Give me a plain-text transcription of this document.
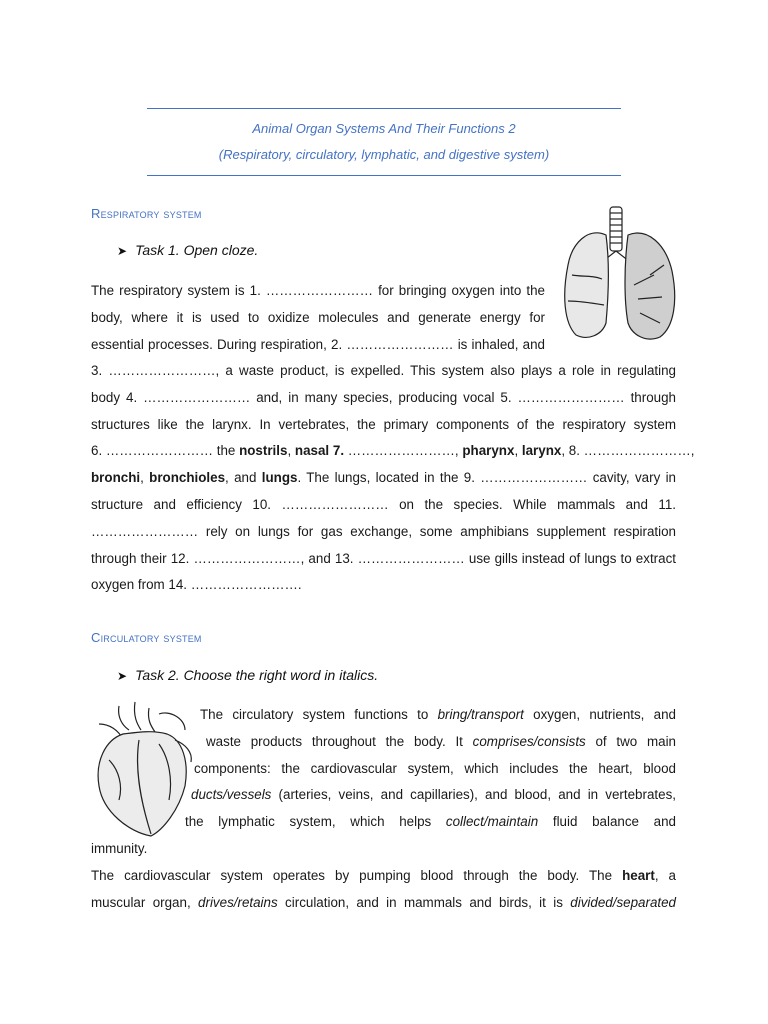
Animal Organ Systems And Their Functions 2
(Respiratory, circulatory, lymphatic, and digestive system)
Respiratory system
➤ Task 1. Open cloze.
The respiratory system is 1. …………………… for bringing oxygen into the
body, where it is used to oxidize molecules and generate energy for
essential processes. During respiration, 2. …………………… is inhaled, and
3. ……………………, a waste product, is expelled. This system also plays a role in regulating
body 4. …………………… and, in many species, producing vocal 5. …………………… through
structures like the larynx. In vertebrates, the primary components of the respiratory system
6. …………………… the nostrils, nasal 7. ……………………, pharynx, larynx, 8. ……………………,
bronchi, bronchioles, and lungs. The lungs, located in the 9. …………………… cavity, vary in
structure and efficiency 10. …………………… on the species. While mammals and 11.
…………………… rely on lungs for gas exchange, some amphibians supplement respiration
through their 12. ……………………, and 13. …………………… use gills instead of lungs to extract
oxygen from 14. …………………….
Circulatory system
➤ Task 2. Choose the right word in italics.
The circulatory system functions to bring/transport oxygen, nutrients, and
waste products throughout the body. It comprises/consists of two main
components: the cardiovascular system, which includes the heart, blood
ducts/vessels (arteries, veins, and capillaries), and blood, and in vertebrates,
the lymphatic system, which helps collect/maintain fluid balance and
immunity.
The cardiovascular system operates by pumping blood through the body. The heart, a
muscular organ, drives/retains circulation, and in mammals and birds, it is divided/separated
